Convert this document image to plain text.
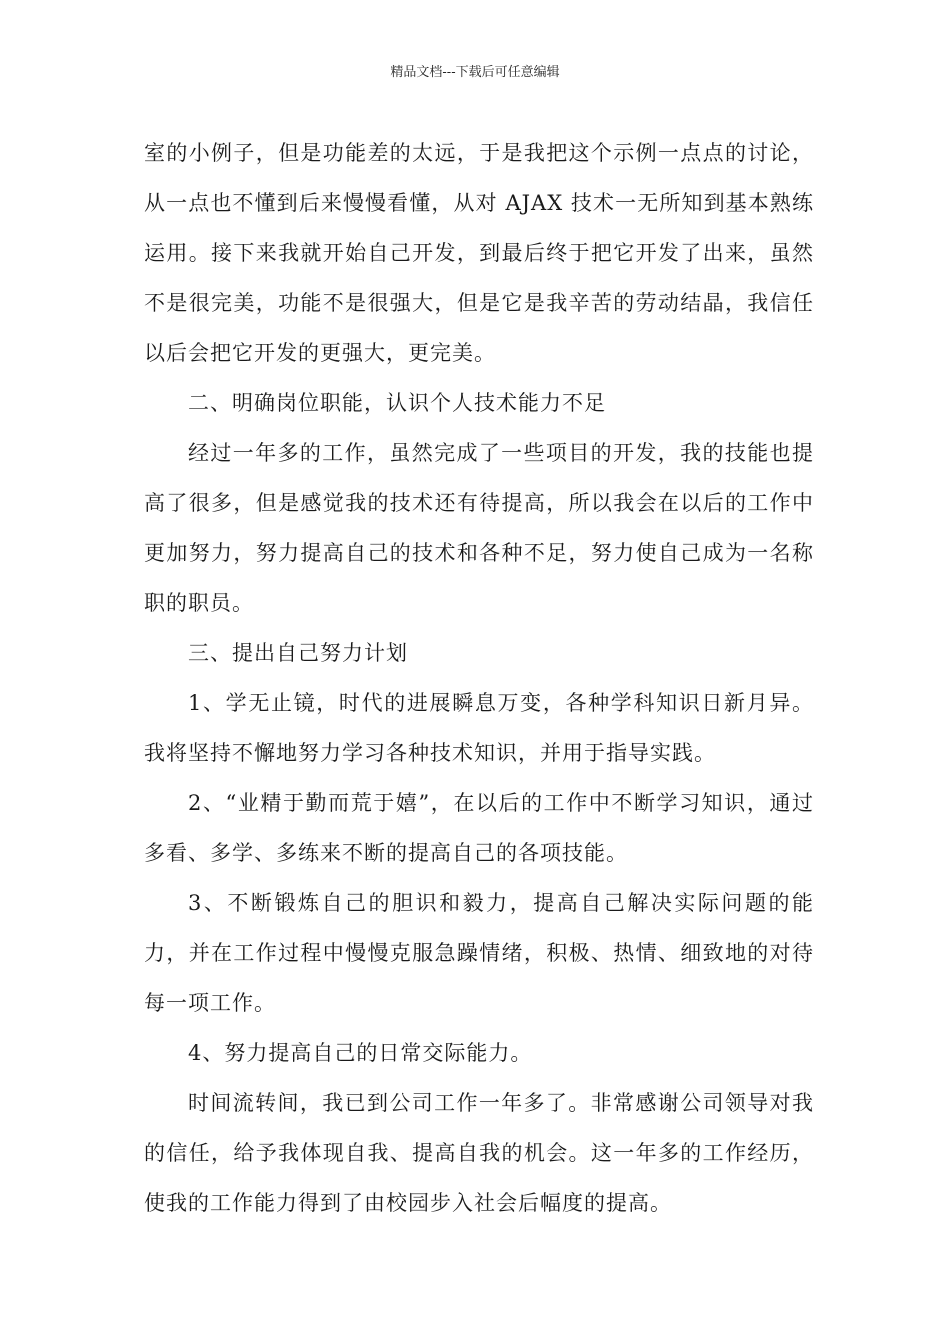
精品文档---下载后可任意编辑

室的小例子，但是功能差的太远，于是我把这个示例一点点的讨论，从一点也不懂到后来慢慢看懂，从对 AJAX 技术一无所知到基本熟练运用。接下来我就开始自己开发，到最后终于把它开发了出来，虽然不是很完美，功能不是很强大，但是它是我辛苦的劳动结晶，我信任以后会把它开发的更强大，更完美。

二、明确岗位职能，认识个人技术能力不足

经过一年多的工作，虽然完成了一些项目的开发，我的技能也提高了很多，但是感觉我的技术还有待提高，所以我会在以后的工作中更加努力，努力提高自己的技术和各种不足，努力使自己成为一名称职的职员。

三、提出自己努力计划

1、学无止镜，时代的进展瞬息万变，各种学科知识日新月异。我将坚持不懈地努力学习各种技术知识，并用于指导实践。

2、“业精于勤而荒于嬉”，在以后的工作中不断学习知识，通过多看、多学、多练来不断的提高自己的各项技能。

3、不断锻炼自己的胆识和毅力，提高自己解决实际问题的能力，并在工作过程中慢慢克服急躁情绪，积极、热情、细致地的对待每一项工作。

4、努力提高自己的日常交际能力。

时间流转间，我已到公司工作一年多了。非常感谢公司领导对我的信任，给予我体现自我、提高自我的机会。这一年多的工作经历，使我的工作能力得到了由校园步入社会后幅度的提高。
